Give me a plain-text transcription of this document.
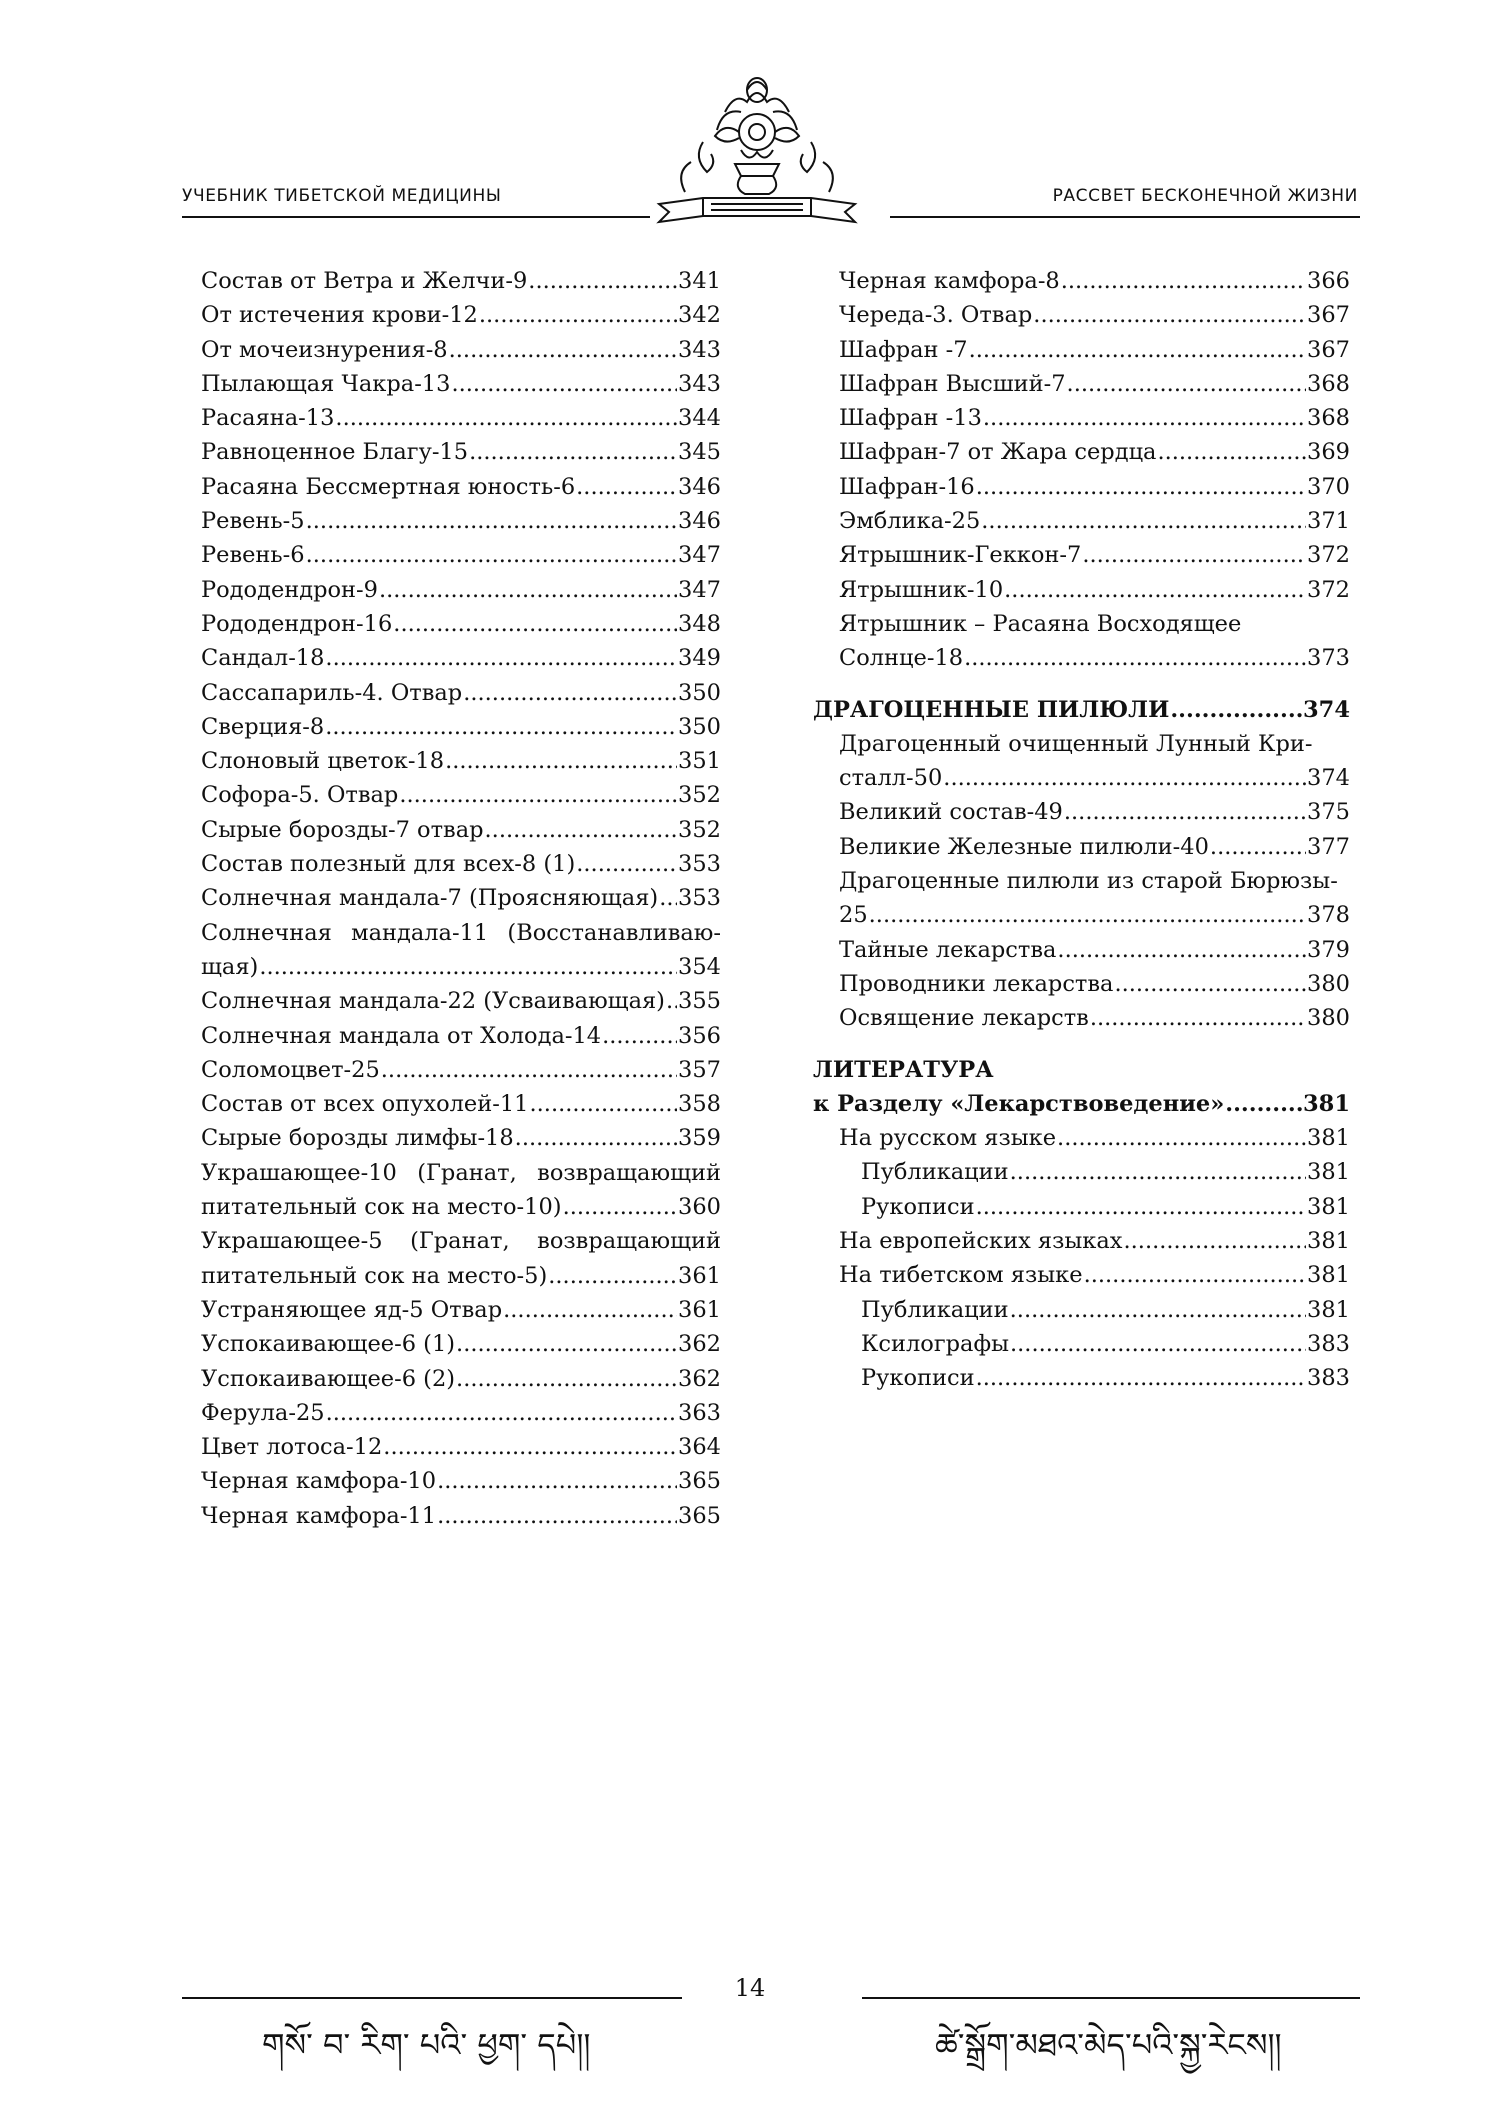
УЧЕБНИК ТИБЕТСКОЙ МЕДИЦИНЫ	РАССВЕТ БЕСКОНЕЧНОЙ ЖИЗНИ
Состав от Ветра и Желчи-9 .....	341
От истечения крови-12 .....	342
От мочеизнурения-8 .....	343
Пылающая Чакра-13 .....	343
Расаяна-13 .....	344
Равноценное Благу-15 .....	345
Расаяна Бессмертная юность-6 .....	346
Ревень-5 .....	346
Ревень-6 .....	347
Рододендрон-9 .....	347
Рододендрон-16 .....	348
Сандал-18 .....	349
Сассапариль-4. Отвар .....	350
Сверция-8 .....	350
Слоновый цветок-18 .....	351
Софора-5. Отвар .....	352
Сырые борозды-7 отвар .....	352
Состав полезный для всех-8 (1) .....	353
Солнечная мандала-7 (Проясняющая) ..... 353
Солнечная мандала-11 (Восстанавливаю-
щая) .....	354
Солнечная мандала-22 (Усваивающая) ..... 355
Солнечная мандала от Холода-14 .....	356
Соломоцвет-25 .....	357
Состав от всех опухолей-11 .....	358
Сырые борозды лимфы-18 .....	359
Украшающее-10 (Гранат, возвращающий
питательный сок на место-10) .....	360
Украшающее-5 (Гранат, возвращающий
питательный сок на место-5) .....	361
Устраняющее яд-5 Отвар .....	361
Успокаивающее-6 (1) .....	362
Успокаивающее-6 (2) .....	362
Ферула-25 .....	363
Цвет лотоса-12 .....	364
Черная камфора-10 .....	365
Черная камфора-11 .....	365
Черная камфора-8 .....	366
Череда-3. Отвар .....	367
Шафран -7 .....	367
Шафран Высший-7 .....	368
Шафран -13 .....	368
Шафран-7 от Жара сердца .....	369
Шафран-16 .....	370
Эмблика-25 .....	371
Ятрышник-Геккон-7 .....	372
Ятрышник-10 .....	372
Ятрышник – Расаяна Восходящее
Солнце-18 .....	373
ДРАГОЦЕННЫЕ ПИЛЮЛИ .....	374
Драгоценный очищенный Лунный Кри-
сталл-50 .....	374
Великий состав-49 .....	375
Великие Железные пилюли-40 .....	377
Драгоценные пилюли из старой Бюрюзы-
25 .....	378
Тайные лекарства .....	379
Проводники лекарства .....	380
Освящение лекарств .....	380
ЛИТЕРАТУРА
к Разделу «Лекарствоведение» .....	381
На русском языке .....	381
Публикации .....	381
Рукописи .....	381
На европейских языках .....	381
На тибетском языке .....	381
Публикации .....	381
Ксилографы .....	383
Рукописи .....	383
14
གསོ་ བ་ རིག་ པའི་ ཕྱག་ དཔེ།།	ཚེ་སྒྲོག་མཐའ་མེད་པའི་སྐྱ་རེངས།།
